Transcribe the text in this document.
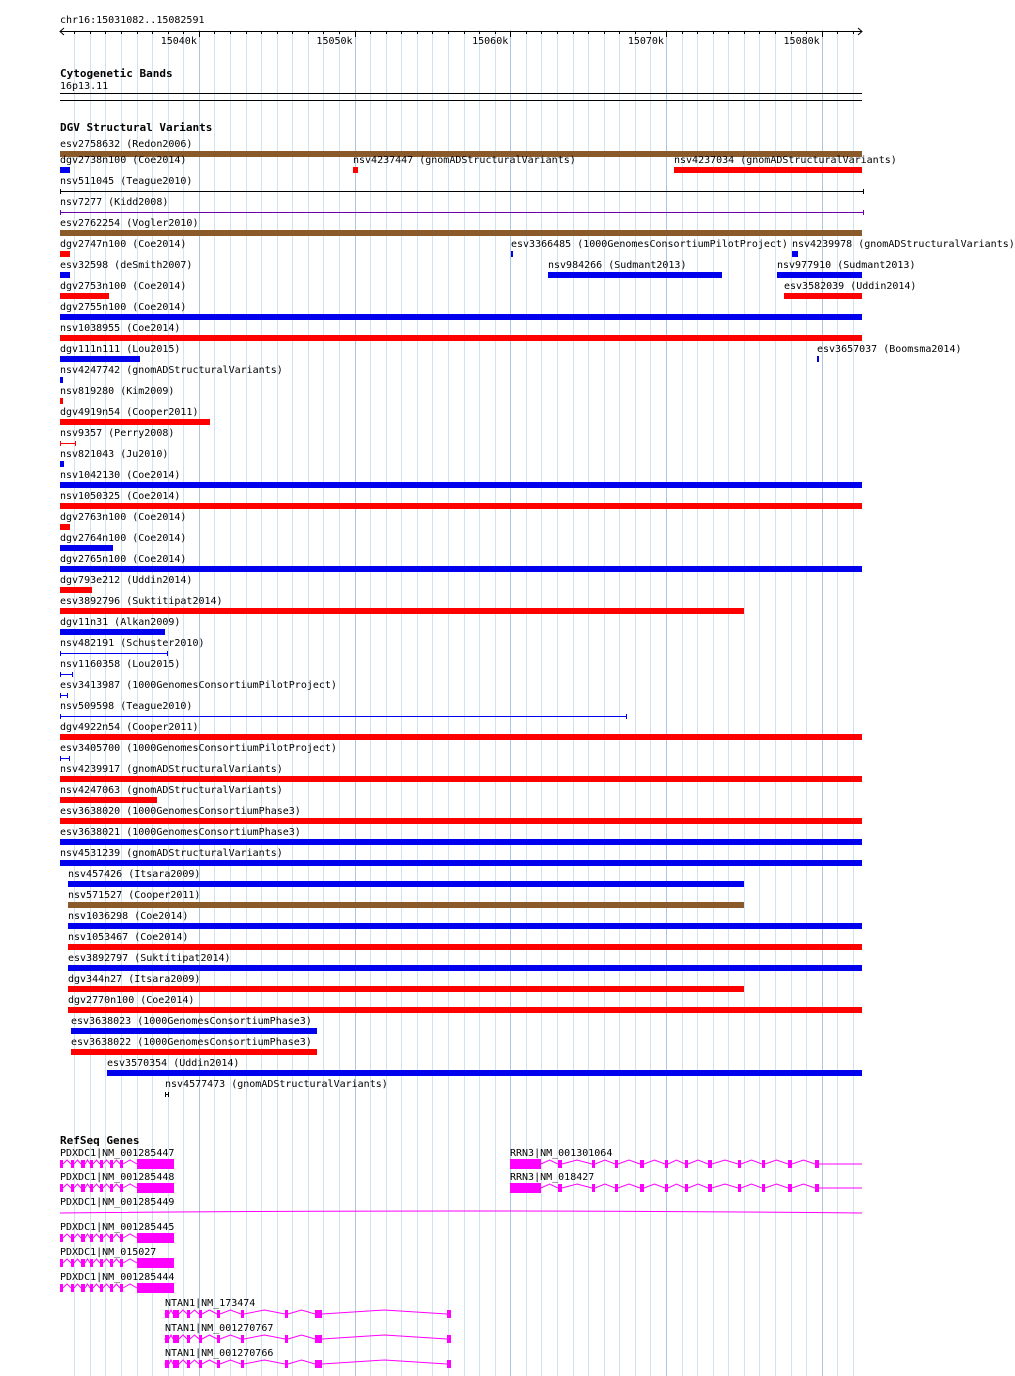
chr16:15031082..15082591
15040k	15050k	15060k	15070k	15080k
Cytogenetic Bands
16p13.11
DGV Structural Variants
esv2758632 (Redon2006)
dgv2738n100 (Coe2014)	nsv4237447 (gnomADStructuralVariants)	nsv4237034 (gnomADStructuralVariants)
nsv511045 (Teague2010)
nsv7277 (Kidd2008)
esv2762254 (Vogler2010)
dgv2747n100 (Coe2014)	esv3366485 (1000GenomesConsortiumPilotProject) nsv4239978 (gnomADStructuralVariants)
esv32598 (deSmith2007)	nsv984266 (Sudmant2013)	nsv977910 (Sudmant2013)
dgv2753n100 (Coe2014)	esv3582039 (Uddin2014)
dgv2755n100 (Coe2014)
nsv1038955 (Coe2014)
dgv111n111 (Lou2015)	esv3657037 (Boomsma2014)
nsv4247742 (gnomADStructuralVariants)
nsv819280 (Kim2009)
dgv4919n54 (Cooper2011)
nsv9357 (Perry2008)
nsv821043 (Ju2010)
nsv1042130 (Coe2014)
nsv1050325 (Coe2014)
dgv2763n100 (Coe2014)
dgv2764n100 (Coe2014)
dgv2765n100 (Coe2014)
dgv793e212 (Uddin2014)
esv3892796 (Suktitipat2014)
dgv11n31 (Alkan2009)
nsv482191 (Schuster2010)
nsv1160358 (Lou2015)
esv3413987 (1000GenomesConsortiumPilotProject)
nsv509598 (Teague2010)
dgv4922n54 (Cooper2011)
esv3405700 (1000GenomesConsortiumPilotProject)
nsv4239917 (gnomADStructuralVariants)
nsv4247063 (gnomADStructuralVariants)
esv3638020 (1000GenomesConsortiumPhase3)
esv3638021 (1000GenomesConsortiumPhase3)
nsv4531239 (gnomADStructuralVariants)
nsv457426 (Itsara2009)
nsv571527 (Cooper2011)
nsv1036298 (Coe2014)
nsv1053467 (Coe2014)
esv3892797 (Suktitipat2014)
dgv344n27 (Itsara2009)
dgv2770n100 (Coe2014)
esv3638023 (1000GenomesConsortiumPhase3)
esv3638022 (1000GenomesConsortiumPhase3)
esv3570354 (Uddin2014)
nsv4577473 (gnomADStructuralVariants)
RefSeq Genes
PDXDC1|NM_001285447	RRN3|NM_001301064
PDXDC1|NM_001285448	RRN3|NM_018427
PDXDC1|NM_001285449
PDXDC1|NM_001285445
PDXDC1|NM_015027
PDXDC1|NM_001285444
NTAN1|NM_173474
NTAN1|NM_001270767
NTAN1|NM_001270766
